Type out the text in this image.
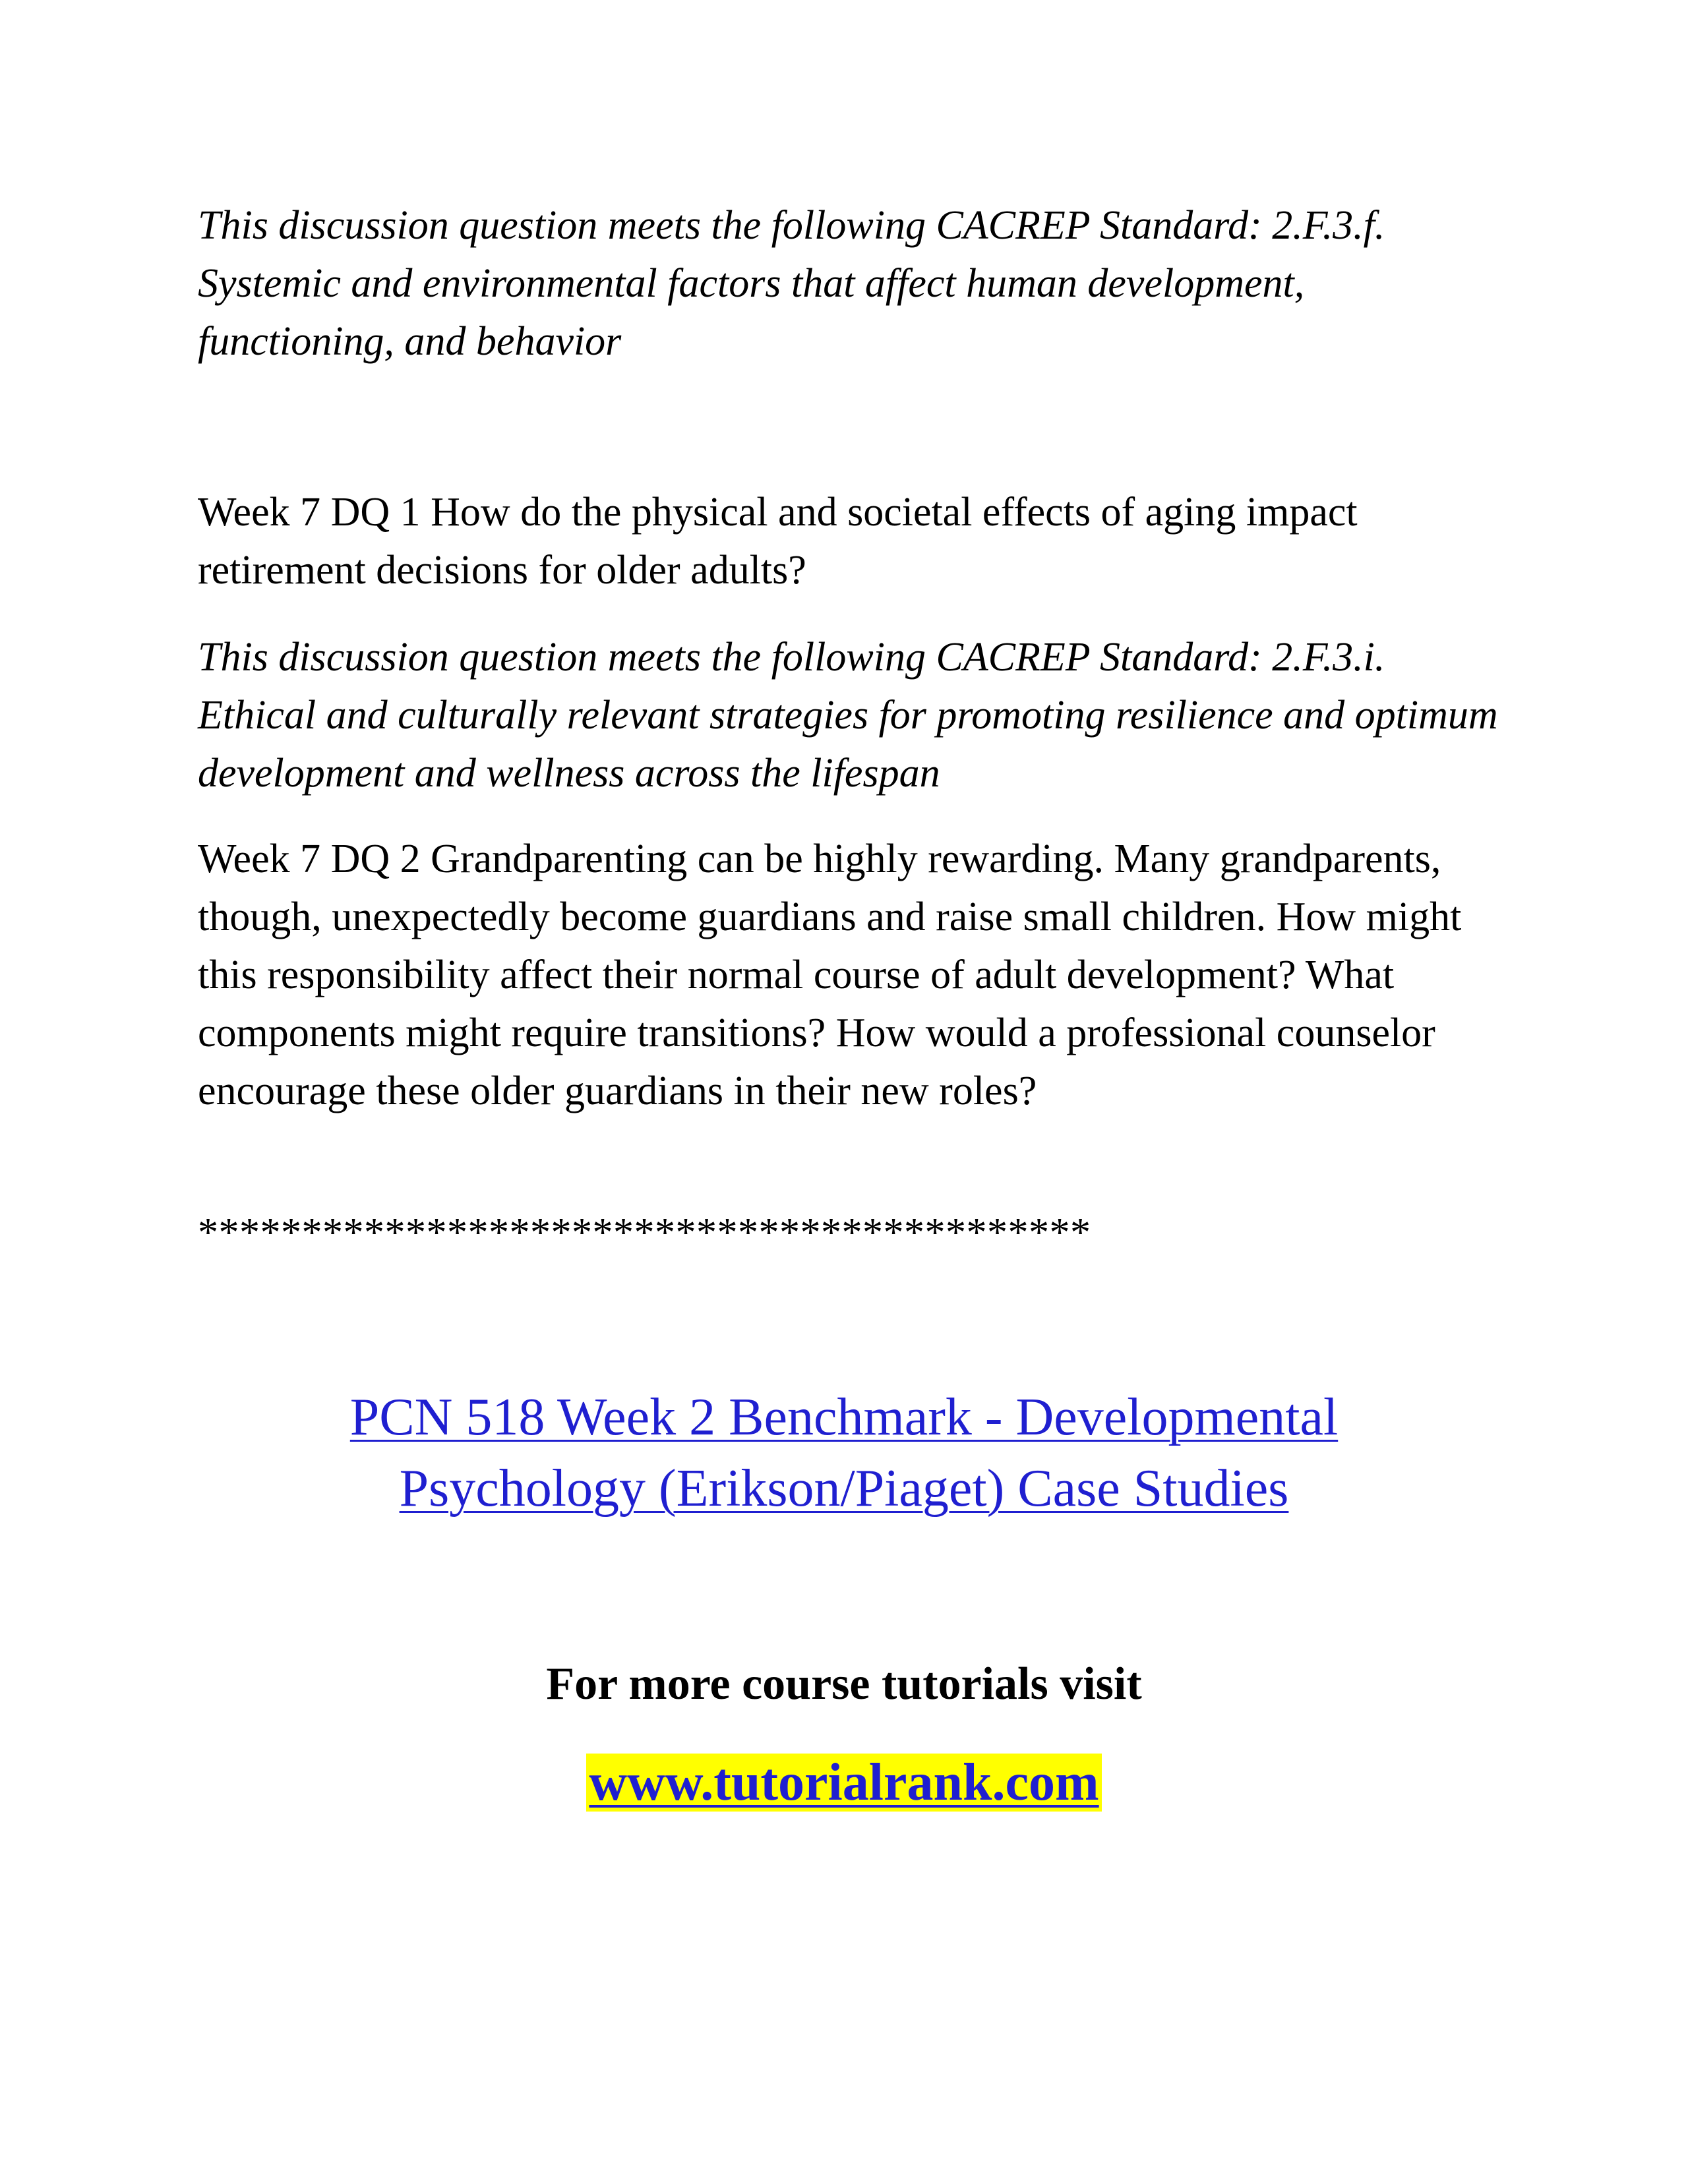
This discussion question meets the following CACREP Standard: 2.F.3.f. Systemic and environmental factors that affect human development, functioning, and behavior

Week 7 DQ 1 How do the physical and societal effects of aging impact retirement decisions for older adults?

This discussion question meets the following CACREP Standard: 2.F.3.i. Ethical and culturally relevant strategies for promoting resilience and optimum development and wellness across the lifespan

Week 7 DQ 2 Grandparenting can be highly rewarding. Many grandparents, though, unexpectedly become guardians and raise small children. How might this responsibility affect their normal course of adult development? What components might require transitions? How would a professional counselor encourage these older guardians in their new roles?

*******************************************

PCN 518 Week 2 Benchmark - Developmental
Psychology (Erikson/Piaget) Case Studies

For more course tutorials visit

www.tutorialrank.com
